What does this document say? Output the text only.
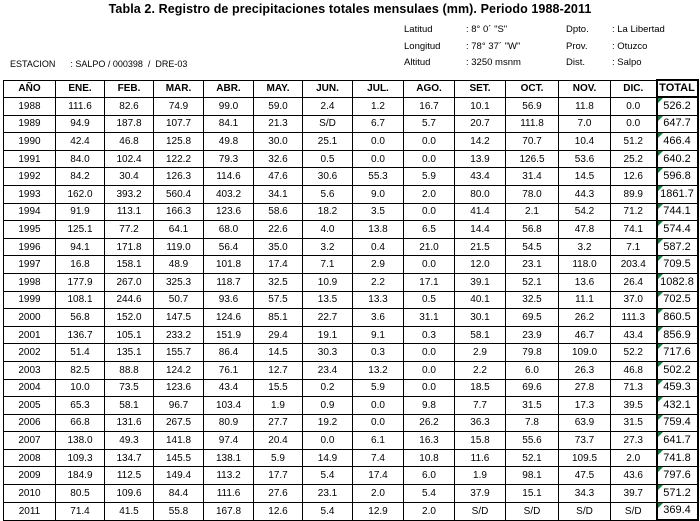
Tabla 2. Registro de precipitaciones totales mensulaes (mm). Periodo 1988-2011
Latitud	: 8° 0´ "S"
Longitud	: 78° 37´ "W"
Altitud	: 3250 msnm
Dpto. : La Libertad
Prov.	: Otuzco
Dist.	: Salpo
ESTACION      : SALPO / 000398  /  DRE-03
AÑO	ENE.	FEB.	MAR.	ABR.	MAY.	JUN.	JUL.	AGO.	SET.	OCT.	NOV.	DIC.	TOTAL
1988	111.6	82.6	74.9	99.0	59.0	2.4	1.2	16.7	10.1	56.9	11.8	0.0	526.2

1989	94.9	187.8	107.7	84.1	21.3	S/D	6.7	5.7	20.7	111.8	7.0	0.0	647.7

1990	42.4	46.8	125.8	49.8	30.0	25.1	0.0	0.0	14.2	70.7	10.4	51.2	466.4

1991	84.0	102.4	122.2	79.3	32.6	0.5	0.0	0.0	13.9	126.5	53.6	25.2	640.2

1992	84.2	30.4	126.3	114.6	47.6	30.6	55.3	5.9	43.4	31.4	14.5	12.6	596.8

1993	162.0	393.2	560.4	403.2	34.1	5.6	9.0	2.0	80.0	78.0	44.3	89.9	1861.7

1994	91.9	113.1	166.3	123.6	58.6	18.2	3.5	0.0	41.4	2.1	54.2	71.2	744.1

1995	125.1	77.2	64.1	68.0	22.6	4.0	13.8	6.5	14.4	56.8	47.8	74.1	574.4

1996	94.1	171.8	119.0	56.4	35.0	3.2	0.4	21.0	21.5	54.5	3.2	7.1	587.2

1997	16.8	158.1	48.9	101.8	17.4	7.1	2.9	0.0	12.0	23.1	118.0	203.4	709.5

1998	177.9	267.0	325.3	118.7	32.5	10.9	2.2	17.1	39.1	52.1	13.6	26.4	1082.8

1999	108.1	244.6	50.7	93.6	57.5	13.5	13.3	0.5	40.1	32.5	11.1	37.0	702.5

2000	56.8	152.0	147.5	124.6	85.1	22.7	3.6	31.1	30.1	69.5	26.2	111.3	860.5

2001	136.7	105.1	233.2	151.9	29.4	19.1	9.1	0.3	58.1	23.9	46.7	43.4	856.9

2002	51.4	135.1	155.7	86.4	14.5	30.3	0.3	0.0	2.9	79.8	109.0	52.2	717.6

2003	82.5	88.8	124.2	76.1	12.7	23.4	13.2	0.0	2.2	6.0	26.3	46.8	502.2

2004	10.0	73.5	123.6	43.4	15.5	0.2	5.9	0.0	18.5	69.6	27.8	71.3	459.3

2005	65.3	58.1	96.7	103.4	1.9	0.9	0.0	9.8	7.7	31.5	17.3	39.5	432.1

2006	66.8	131.6	267.5	80.9	27.7	19.2	0.0	26.2	36.3	7.8	63.9	31.5	759.4

2007	138.0	49.3	141.8	97.4	20.4	0.0	6.1	16.3	15.8	55.6	73.7	27.3	641.7

2008	109.3	134.7	145.5	138.1	5.9	14.9	7.4	10.8	11.6	52.1	109.5	2.0	741.8

2009	184.9	112.5	149.4	113.2	17.7	5.4	17.4	6.0	1.9	98.1	47.5	43.6	797.6

2010	80.5	109.6	84.4	111.6	27.6	23.1	2.0	5.4	37.9	15.1	34.3	39.7	571.2

2011	71.4	41.5	55.8	167.8	12.6	5.4	12.9	2.0	S/D	S/D	S/D	S/D	369.4
